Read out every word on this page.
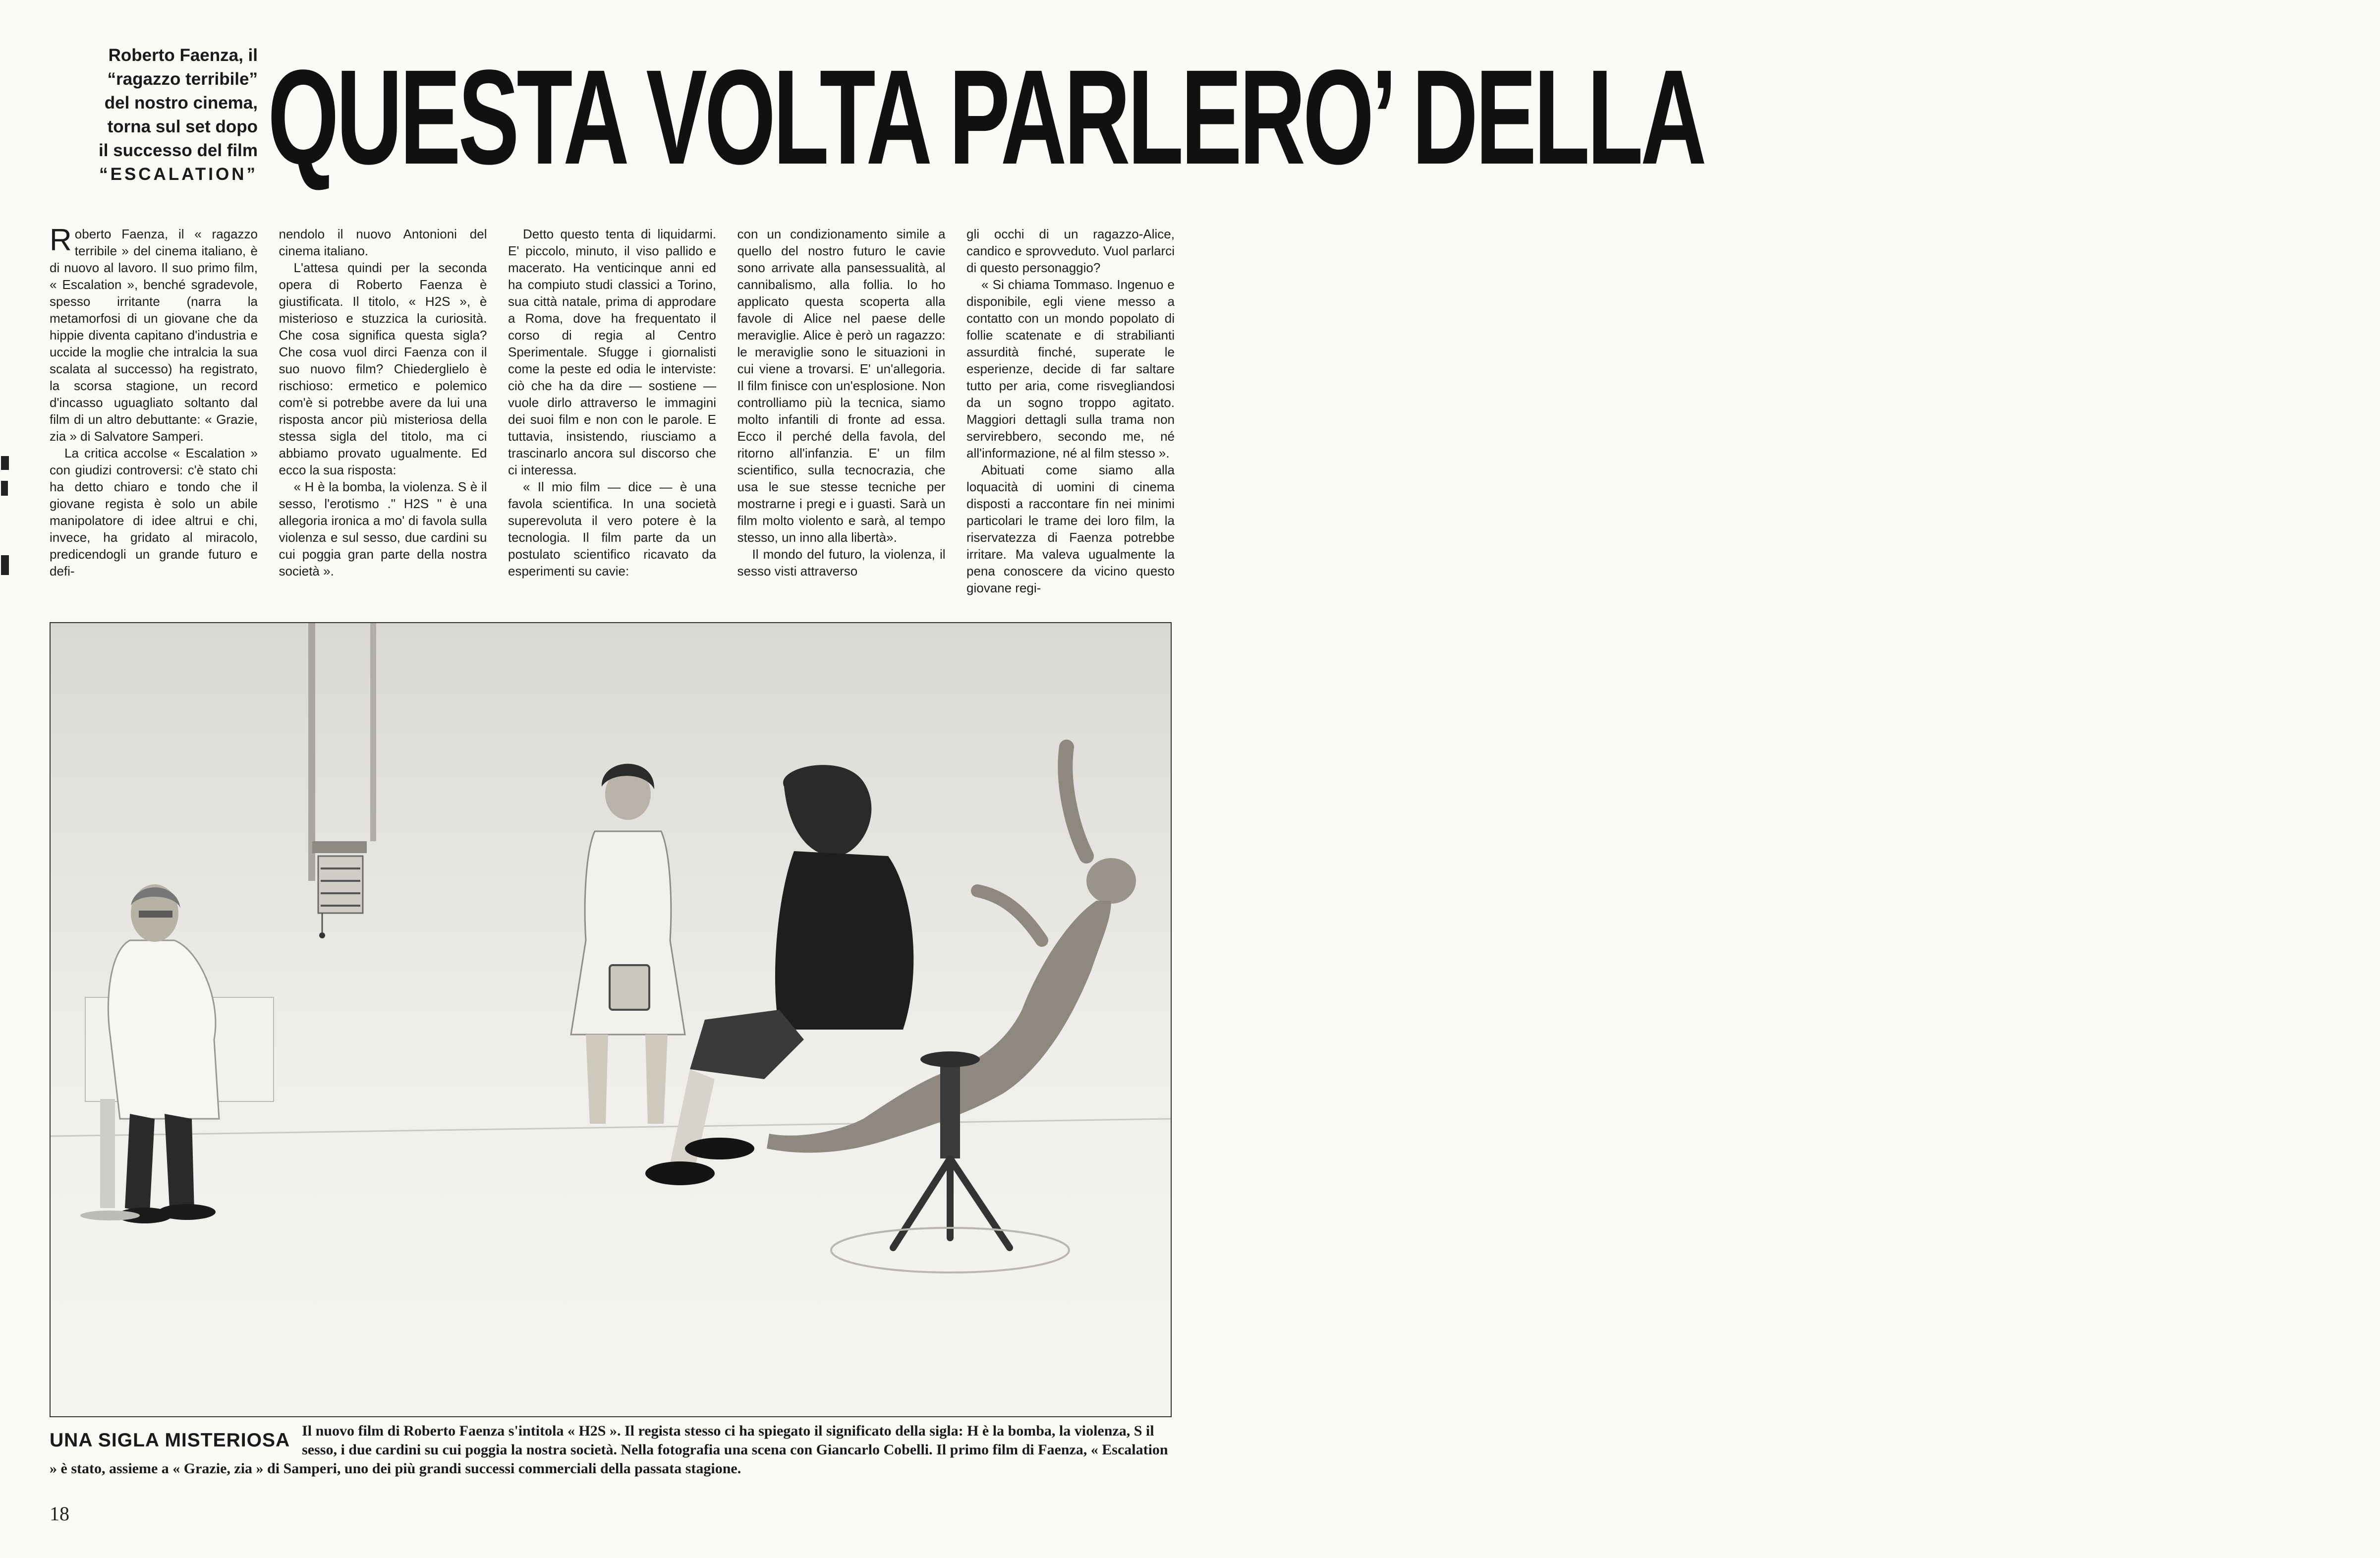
Roberto Faenza, il
“ragazzo terribile”
del nostro cinema,
torna sul set dopo
il successo del film
“ESCALATION” QUESTA VOLTA PARLERO’ DELLA

Roberto Faenza, il « ragazzo terribile » del cinema italiano, è di nuovo al lavoro. Il suo primo film, « Escalation », benché sgradevole, spesso irritante (narra la metamorfosi di un giovane che da hippie diventa capitano d'industria e uccide la moglie che intralcia la sua scalata al successo) ha registrato, la scorsa stagione, un record d'incasso uguagliato soltanto dal film di un altro debuttante: « Grazie, zia » di Salvatore Samperi.

La critica accolse « Escalation » con giudizi controversi: c'è stato chi ha detto chiaro e tondo che il giovane regista è solo un abile manipolatore di idee altrui e chi, invece, ha gridato al miracolo, predicendogli un grande futuro e defi-

nendolo il nuovo Antonioni del cinema italiano.

L'attesa quindi per la seconda opera di Roberto Faenza è giustificata. Il titolo, « H2S », è misterioso e stuzzica la curiosità. Che cosa significa questa sigla? Che cosa vuol dirci Faenza con il suo nuovo film? Chiederglielo è rischioso: ermetico e polemico com'è si potrebbe avere da lui una risposta ancor più misteriosa della stessa sigla del titolo, ma ci abbiamo provato ugualmente. Ed ecco la sua risposta:

« H è la bomba, la violenza. S è il sesso, l'erotismo ." H2S " è una allegoria ironica a mo' di favola sulla violenza e sul sesso, due cardini su cui poggia gran parte della nostra società ».

Detto questo tenta di liquidarmi. E' piccolo, minuto, il viso pallido e macerato. Ha venticinque anni ed ha compiuto studi classici a Torino, sua città natale, prima di approdare a Roma, dove ha frequentato il corso di regia al Centro Sperimentale. Sfugge i giornalisti come la peste ed odia le interviste: ciò che ha da dire — sostiene — vuole dirlo attraverso le immagini dei suoi film e non con le parole. E tuttavia, insistendo, riusciamo a trascinarlo ancora sul discorso che ci interessa.

« Il mio film — dice — è una favola scientifica. In una società superevoluta il vero potere è la tecnologia. Il film parte da un postulato scientifico ricavato da esperimenti su cavie:

con un condizionamento simile a quello del nostro futuro le cavie sono arrivate alla pansessualità, al cannibalismo, alla follia. Io ho applicato questa scoperta alla favole di Alice nel paese delle meraviglie. Alice è però un ragazzo: le meraviglie sono le situazioni in cui viene a trovarsi. E' un'allegoria. Il film finisce con un'esplosione. Non controlliamo più la tecnica, siamo molto infantili di fronte ad essa. Ecco il perché della favola, del ritorno all'infanzia. E' un film scientifico, sulla tecnocrazia, che usa le sue stesse tecniche per mostrarne i pregi e i guasti. Sarà un film molto violento e sarà, al tempo stesso, un inno alla libertà».

Il mondo del futuro, la violenza, il sesso visti attraverso

gli occhi di un ragazzo-Alice, candico e sprovveduto. Vuol parlarci di questo personaggio?

« Si chiama Tommaso. Ingenuo e disponibile, egli viene messo a contatto con un mondo popolato di follie scatenate e di strabilianti assurdità finché, superate le esperienze, decide di far saltare tutto per aria, come risvegliandosi da un sogno troppo agitato. Maggiori dettagli sulla trama non servirebbero, secondo me, né all'informazione, né al film stesso ».

Abituati come siamo alla loquacità di uomini di cinema disposti a raccontare fin nei minimi particolari le trame dei loro film, la riservatezza di Faenza potrebbe irritare. Ma valeva ugualmente la pena conoscere da vicino questo giovane regi-

UNA SIGLA MISTERIOSA Il nuovo film di Roberto Faenza s'intitola « H2S ». Il regista stesso ci ha spiegato il significato della sigla: H è la bomba, la violenza, S il sesso, i due cardini su cui poggia la nostra società. Nella fotografia una scena con Giancarlo Cobelli. Il primo film di Faenza, « Escalation » è stato, assieme a « Grazie, zia » di Samperi, uno dei più grandi successi commerciali della passata stagione.
18
